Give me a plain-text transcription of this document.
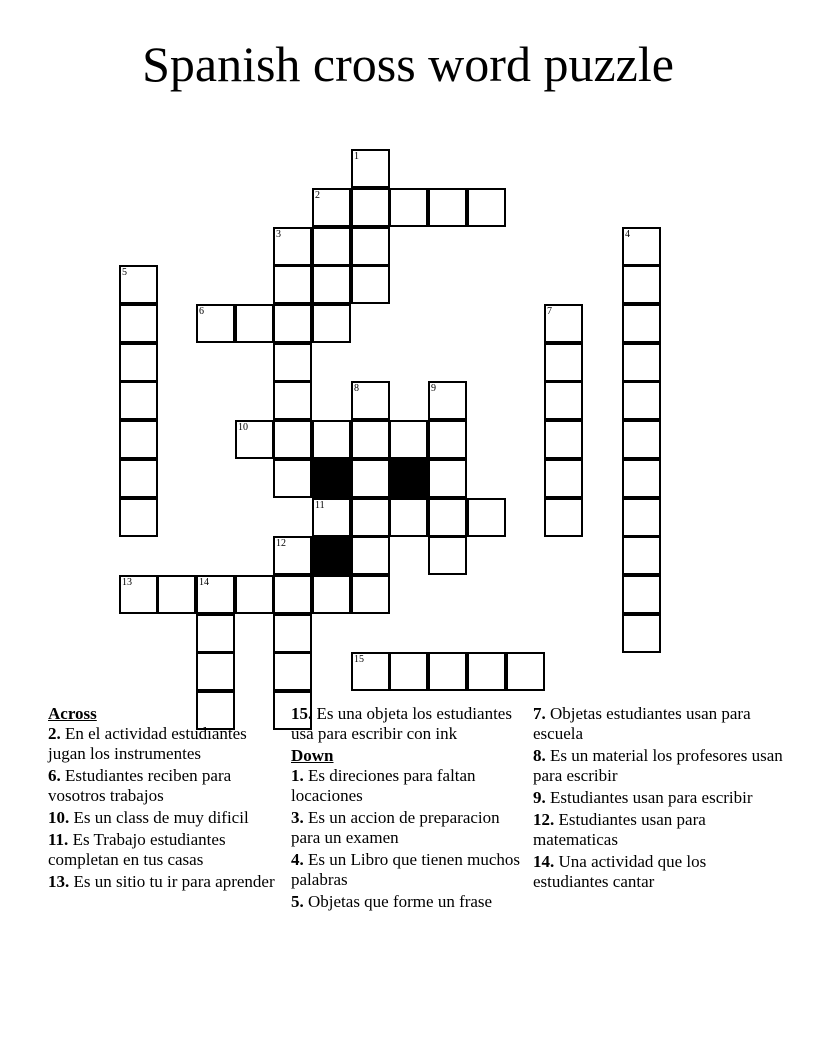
Spanish cross word puzzle
1
2
3	4
5
6	7
8	9
10
11
12
13	14
15

Across

2. En el actividad estudiantes jugan los instrumentes

6. Estudiantes reciben para vosotros trabajos

10. Es un class de muy dificil

11. Es Trabajo estudiantes completan en tus casas

13. Es un sitio tu ir para aprender

15. Es una objeta los estudiantes usa para escribir con ink

Down

1. Es direciones para faltan locaciones

3. Es un accion de preparacion para un examen

4. Es un Libro que tienen muchos palabras

5. Objetas que forme un frase

7. Objetas estudiantes usan para escuela

8. Es un material los profesores usan para escribir

9. Estudiantes usan para escribir

12. Estudiantes usan para matematicas

14. Una actividad que los estudiantes cantar
